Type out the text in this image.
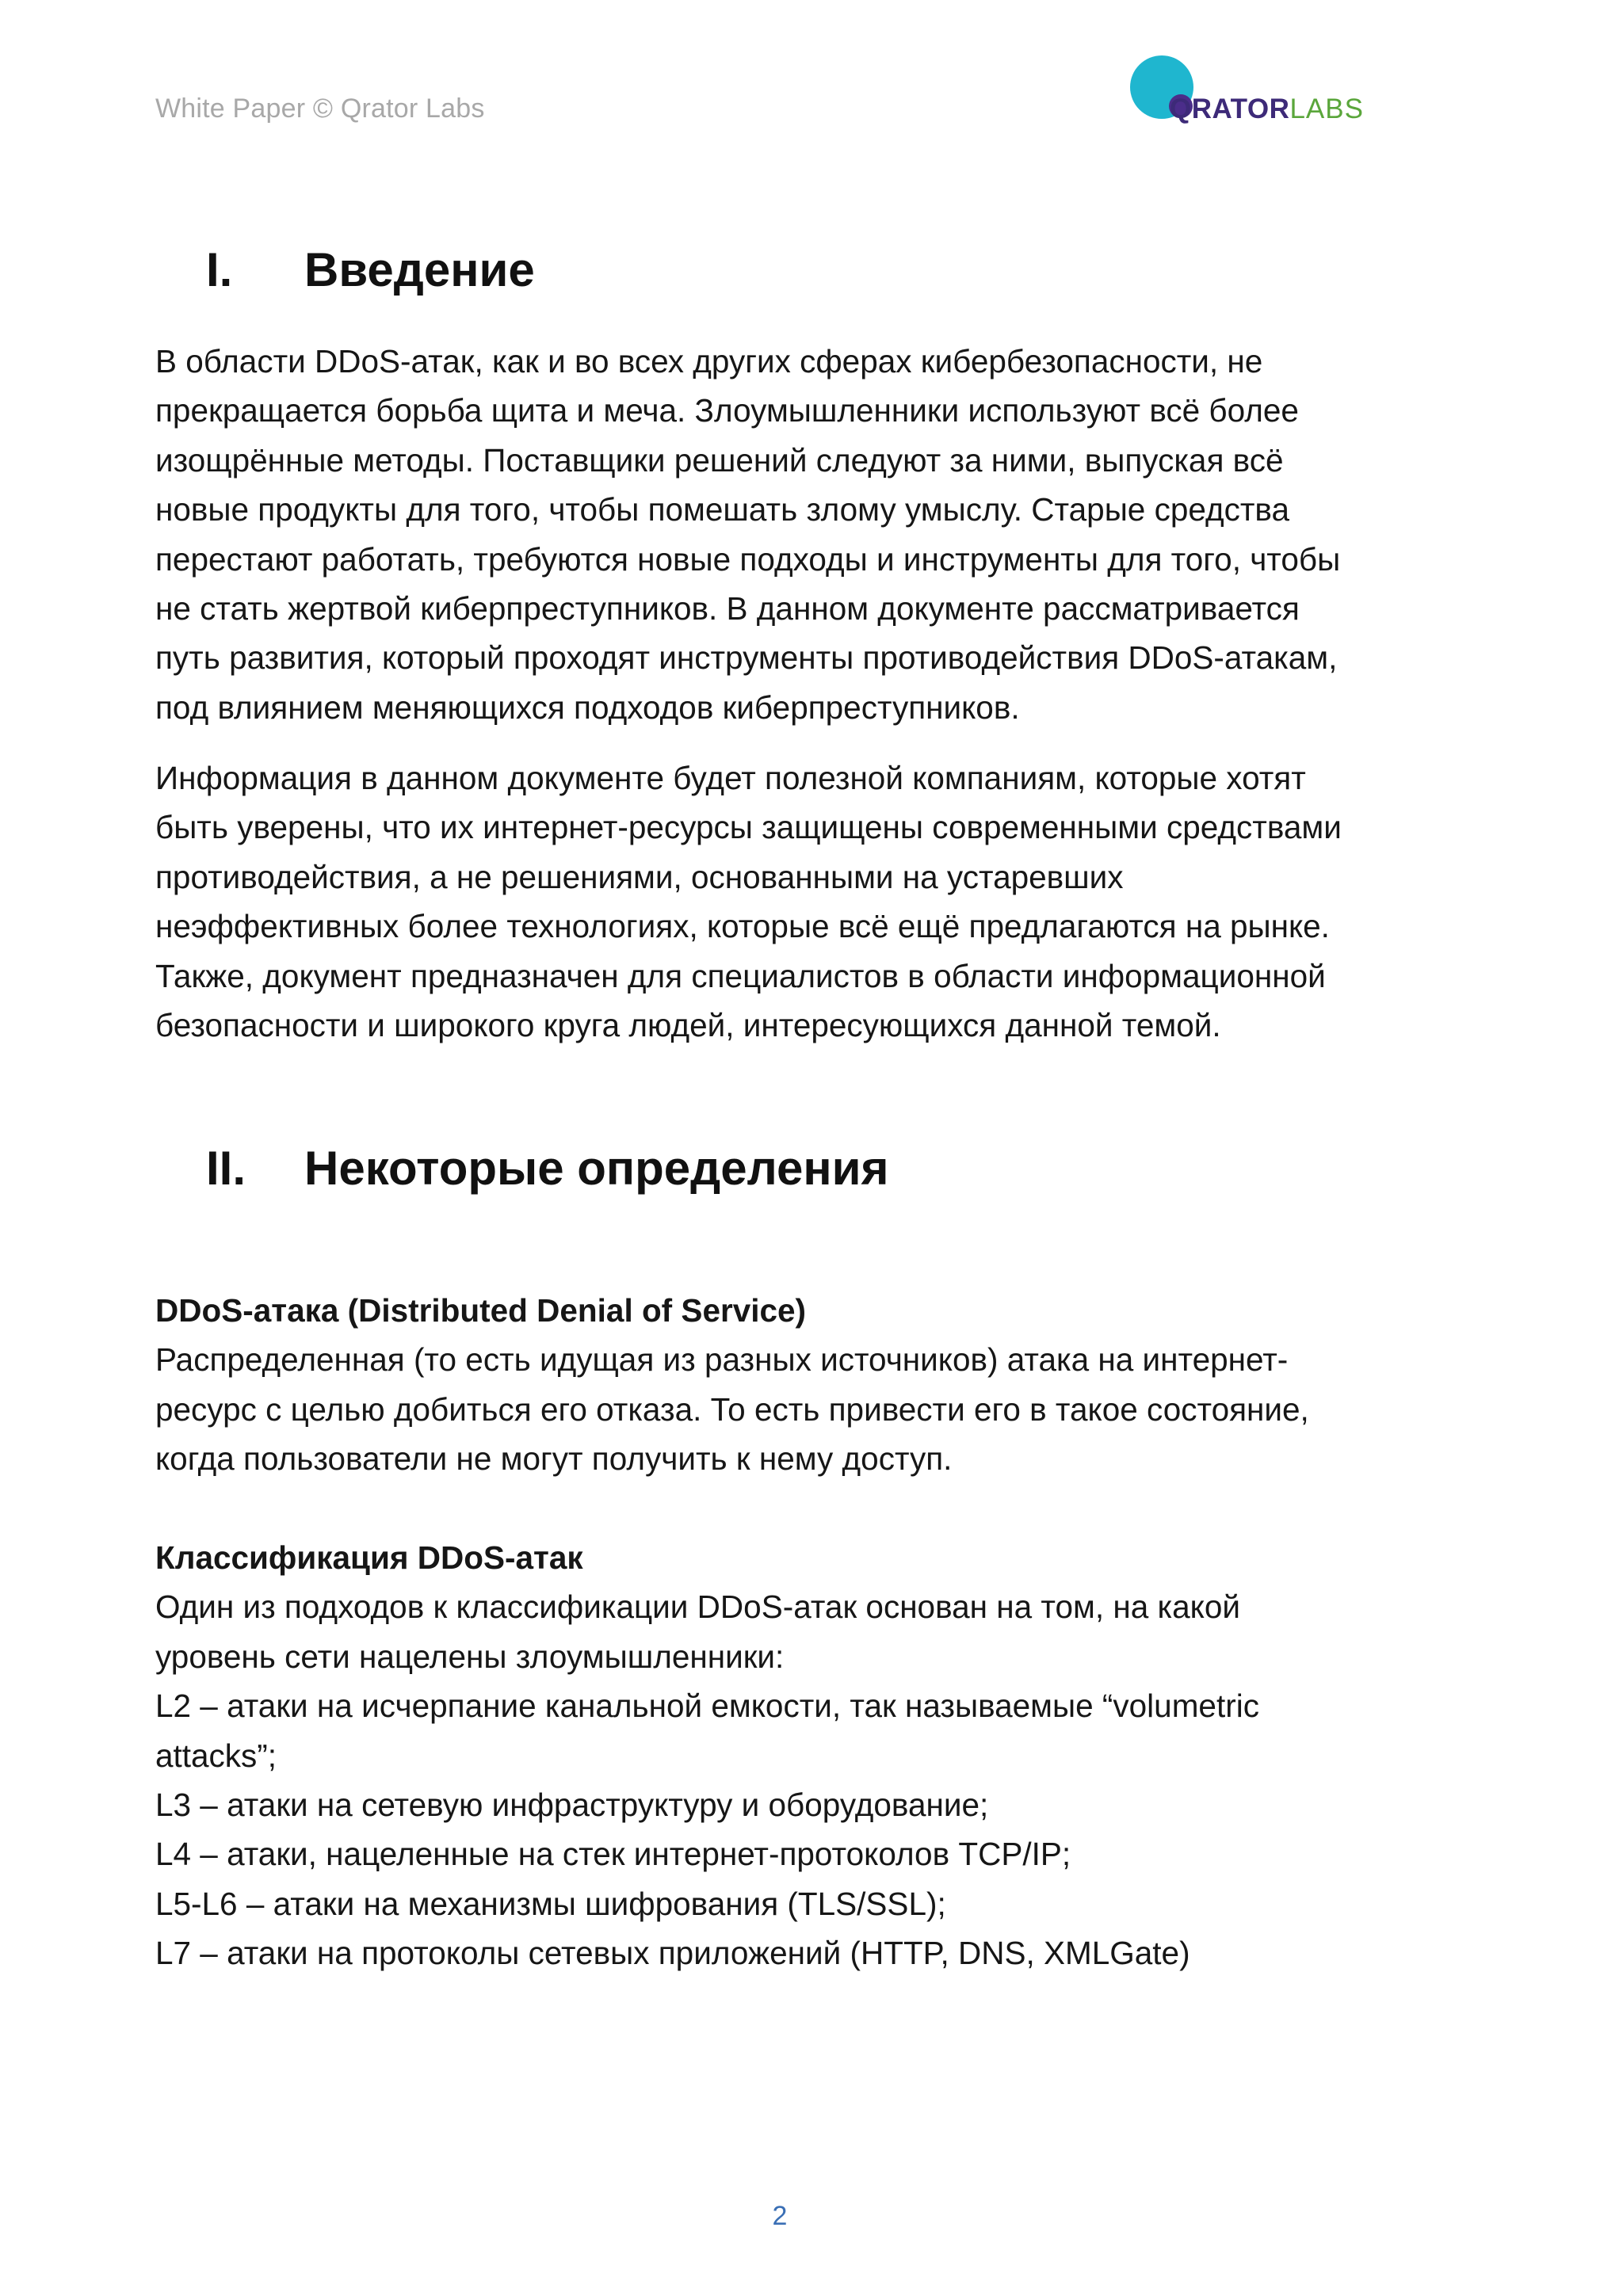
White Paper © Qrator Labs	QRATORLABS
I. Введение
В области DDoS-атак, как и во всех других сферах кибербезопасности, не
прекращается борьба щита и меча. Злоумышленники используют всё более
изощрённые методы. Поставщики решений следуют за ними, выпуская всё
новые продукты для того, чтобы помешать злому умыслу. Старые средства
перестают работать, требуются новые подходы и инструменты для того, чтобы
не стать жертвой киберпреступников. В данном документе рассматривается
путь развития, который проходят инструменты противодействия DDoS-атакам,
под влиянием меняющихся подходов киберпреступников.
Информация в данном документе будет полезной компаниям, которые хотят
быть уверены, что их интернет-ресурсы защищены современными средствами
противодействия, а не решениями, основанными на устаревших
неэффективных более технологиях, которые всё ещё предлагаются на рынке.
Также, документ предназначен для специалистов в области информационной
безопасности и широкого круга людей, интересующихся данной темой.
II. Некоторые определения
DDoS-атака (Distributed Denial of Service)
Распределенная (то есть идущая из разных источников) атака на интернет-
ресурс с целью добиться его отказа. То есть привести его в такое состояние,
когда пользователи не могут получить к нему доступ.
Классификация DDoS-атак
Один из подходов к классификации DDoS-атак основан на том, на какой
уровень сети нацелены злоумышленники:
L2 – атаки на исчерпание канальной емкости, так называемые “volumetric
attacks”;
L3 – атаки на сетевую инфраструктуру и оборудование;
L4 – атаки, нацеленные на стек интернет-протоколов TCP/IP;
L5-L6 – атаки на механизмы шифрования (TLS/SSL);
L7 – атаки на протоколы сетевых приложений (HTTP, DNS, XMLGate)
2
